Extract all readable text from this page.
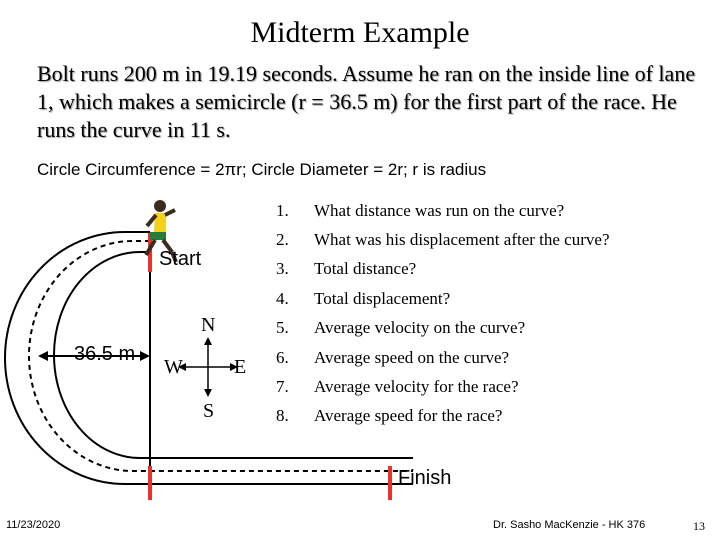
Midterm Example
Bolt runs 200 m in 19.19 seconds. Assume he ran on the inside line of lane 1, which makes a semicircle (r = 36.5 m) for the first part of the race. He runs the curve in 11 s.
Circle Circumference = 2πr; Circle Diameter = 2r; r is radius
Start
36.5 m
Finish
N
S
W	E
1.	What distance was run on the curve?
2.	What was his displacement after the curve?
3.	Total distance?
4.	Total displacement?
5.	Average velocity on the curve?
6.	Average speed on the curve?
7.	Average velocity for the race?
8.	Average speed for the race?
11/23/2020	Dr. Sasho MacKenzie - HK 376	13
